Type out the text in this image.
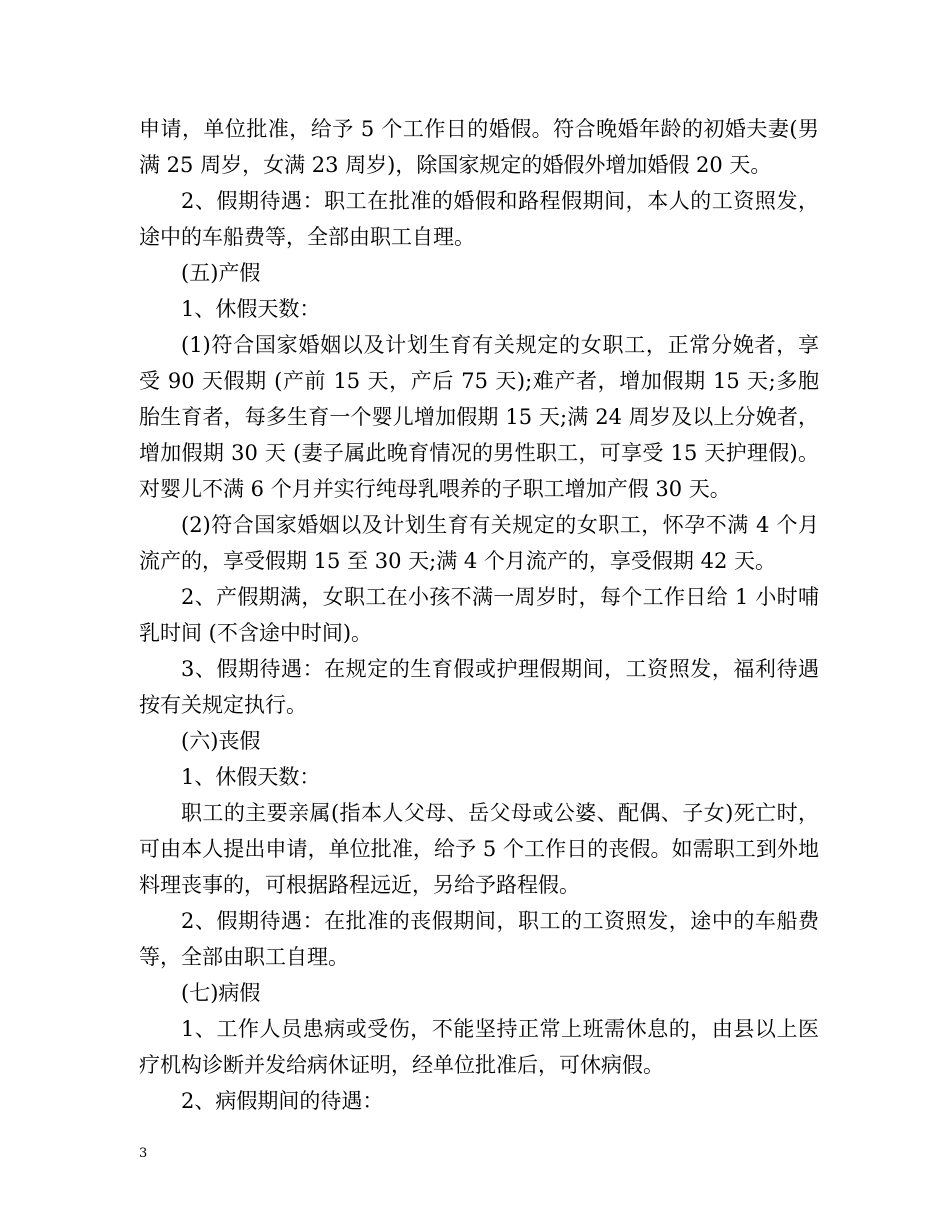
申请，单位批准，给予 5 个工作日的婚假。符合晚婚年龄的初婚夫妻(男满 25 周岁，女满 23 周岁)，除国家规定的婚假外增加婚假 20 天。

2、假期待遇：职工在批准的婚假和路程假期间，本人的工资照发，途中的车船费等，全部由职工自理。

(五)产假

1、休假天数：

(1)符合国家婚姻以及计划生育有关规定的女职工，正常分娩者，享受 90 天假期 (产前 15 天，产后 75 天);难产者，增加假期 15 天;多胞胎生育者，每多生育一个婴儿增加假期 15 天;满 24 周岁及以上分娩者，增加假期 30 天 (妻子属此晚育情况的男性职工，可享受 15 天护理假)。对婴儿不满 6 个月并实行纯母乳喂养的子职工增加产假 30 天。

(2)符合国家婚姻以及计划生育有关规定的女职工，怀孕不满 4 个月流产的，享受假期 15 至 30 天;满 4 个月流产的，享受假期 42 天。

2、产假期满，女职工在小孩不满一周岁时，每个工作日给 1 小时哺乳时间 (不含途中时间)。

3、假期待遇：在规定的生育假或护理假期间，工资照发，福利待遇按有关规定执行。

(六)丧假

1、休假天数：

职工的主要亲属(指本人父母、岳父母或公婆、配偶、子女)死亡时，可由本人提出申请，单位批准，给予 5 个工作日的丧假。如需职工到外地料理丧事的，可根据路程远近，另给予路程假。

2、假期待遇：在批准的丧假期间，职工的工资照发，途中的车船费等，全部由职工自理。

(七)病假

1、工作人员患病或受伤，不能坚持正常上班需休息的，由县以上医疗机构诊断并发给病休证明，经单位批准后，可休病假。

2、病假期间的待遇：

3
